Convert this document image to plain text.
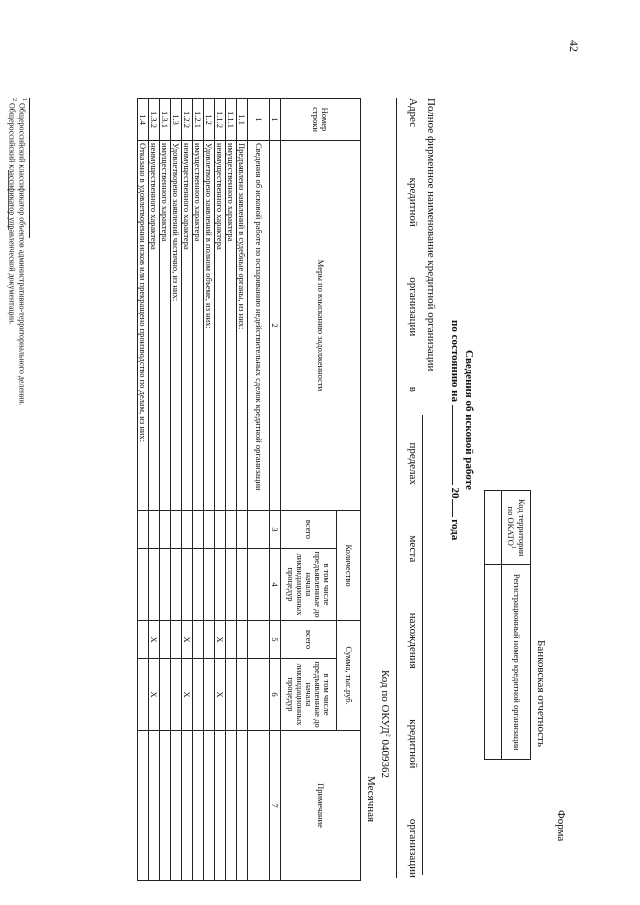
42
Форма
Банковская отчетность
Код территории по ОКАТО$^1$	Регистрационный номер кредитной организации

Сведения об исковой работе
по состоянию на  20 года
Полное фирменное наименование кредитной организации
Адрес
кредитной
организации
в
пределах
места
нахождения
кредитной
организации
Код по ОКУД$^2$ 0409362
Месячная
Номер строки	Меры по взысканию задолженности	Количество		Сумма, тыс.руб.		Примечание
		всего	в том числе предъявленные до начала ликвидационных процедур	всего	в том числе предъявленные до начала ликвидационных процедур	
1	2	3	4	5	6	7
1	Сведения об исковой работе по оспариванию недействительных сделок кредитной организации					
1.1	Предъявлено заявлений в судебные органы, из них:					
1.1.1	имущественного характера					
1.1.2	неимущественного характера			X	X	
1.2	Удовлетворено заявлений в полном объеме, из них:					
1.2.1	имущественного характера					
1.2.2	неимущественного характера			X	X	
1.3	Удовлетворено заявлений частично, из них:					
1.3.1	имущественного характера					
1.3.2	неимущественного характера			X	X	
1.4	Отказано в удовлетворении исков или прекращено производство по делам, из них:					
$^1$ Общероссийский классификатор объектов административно-территориального деления.
$^2$ Общероссийский классификатор управленческой документации.
